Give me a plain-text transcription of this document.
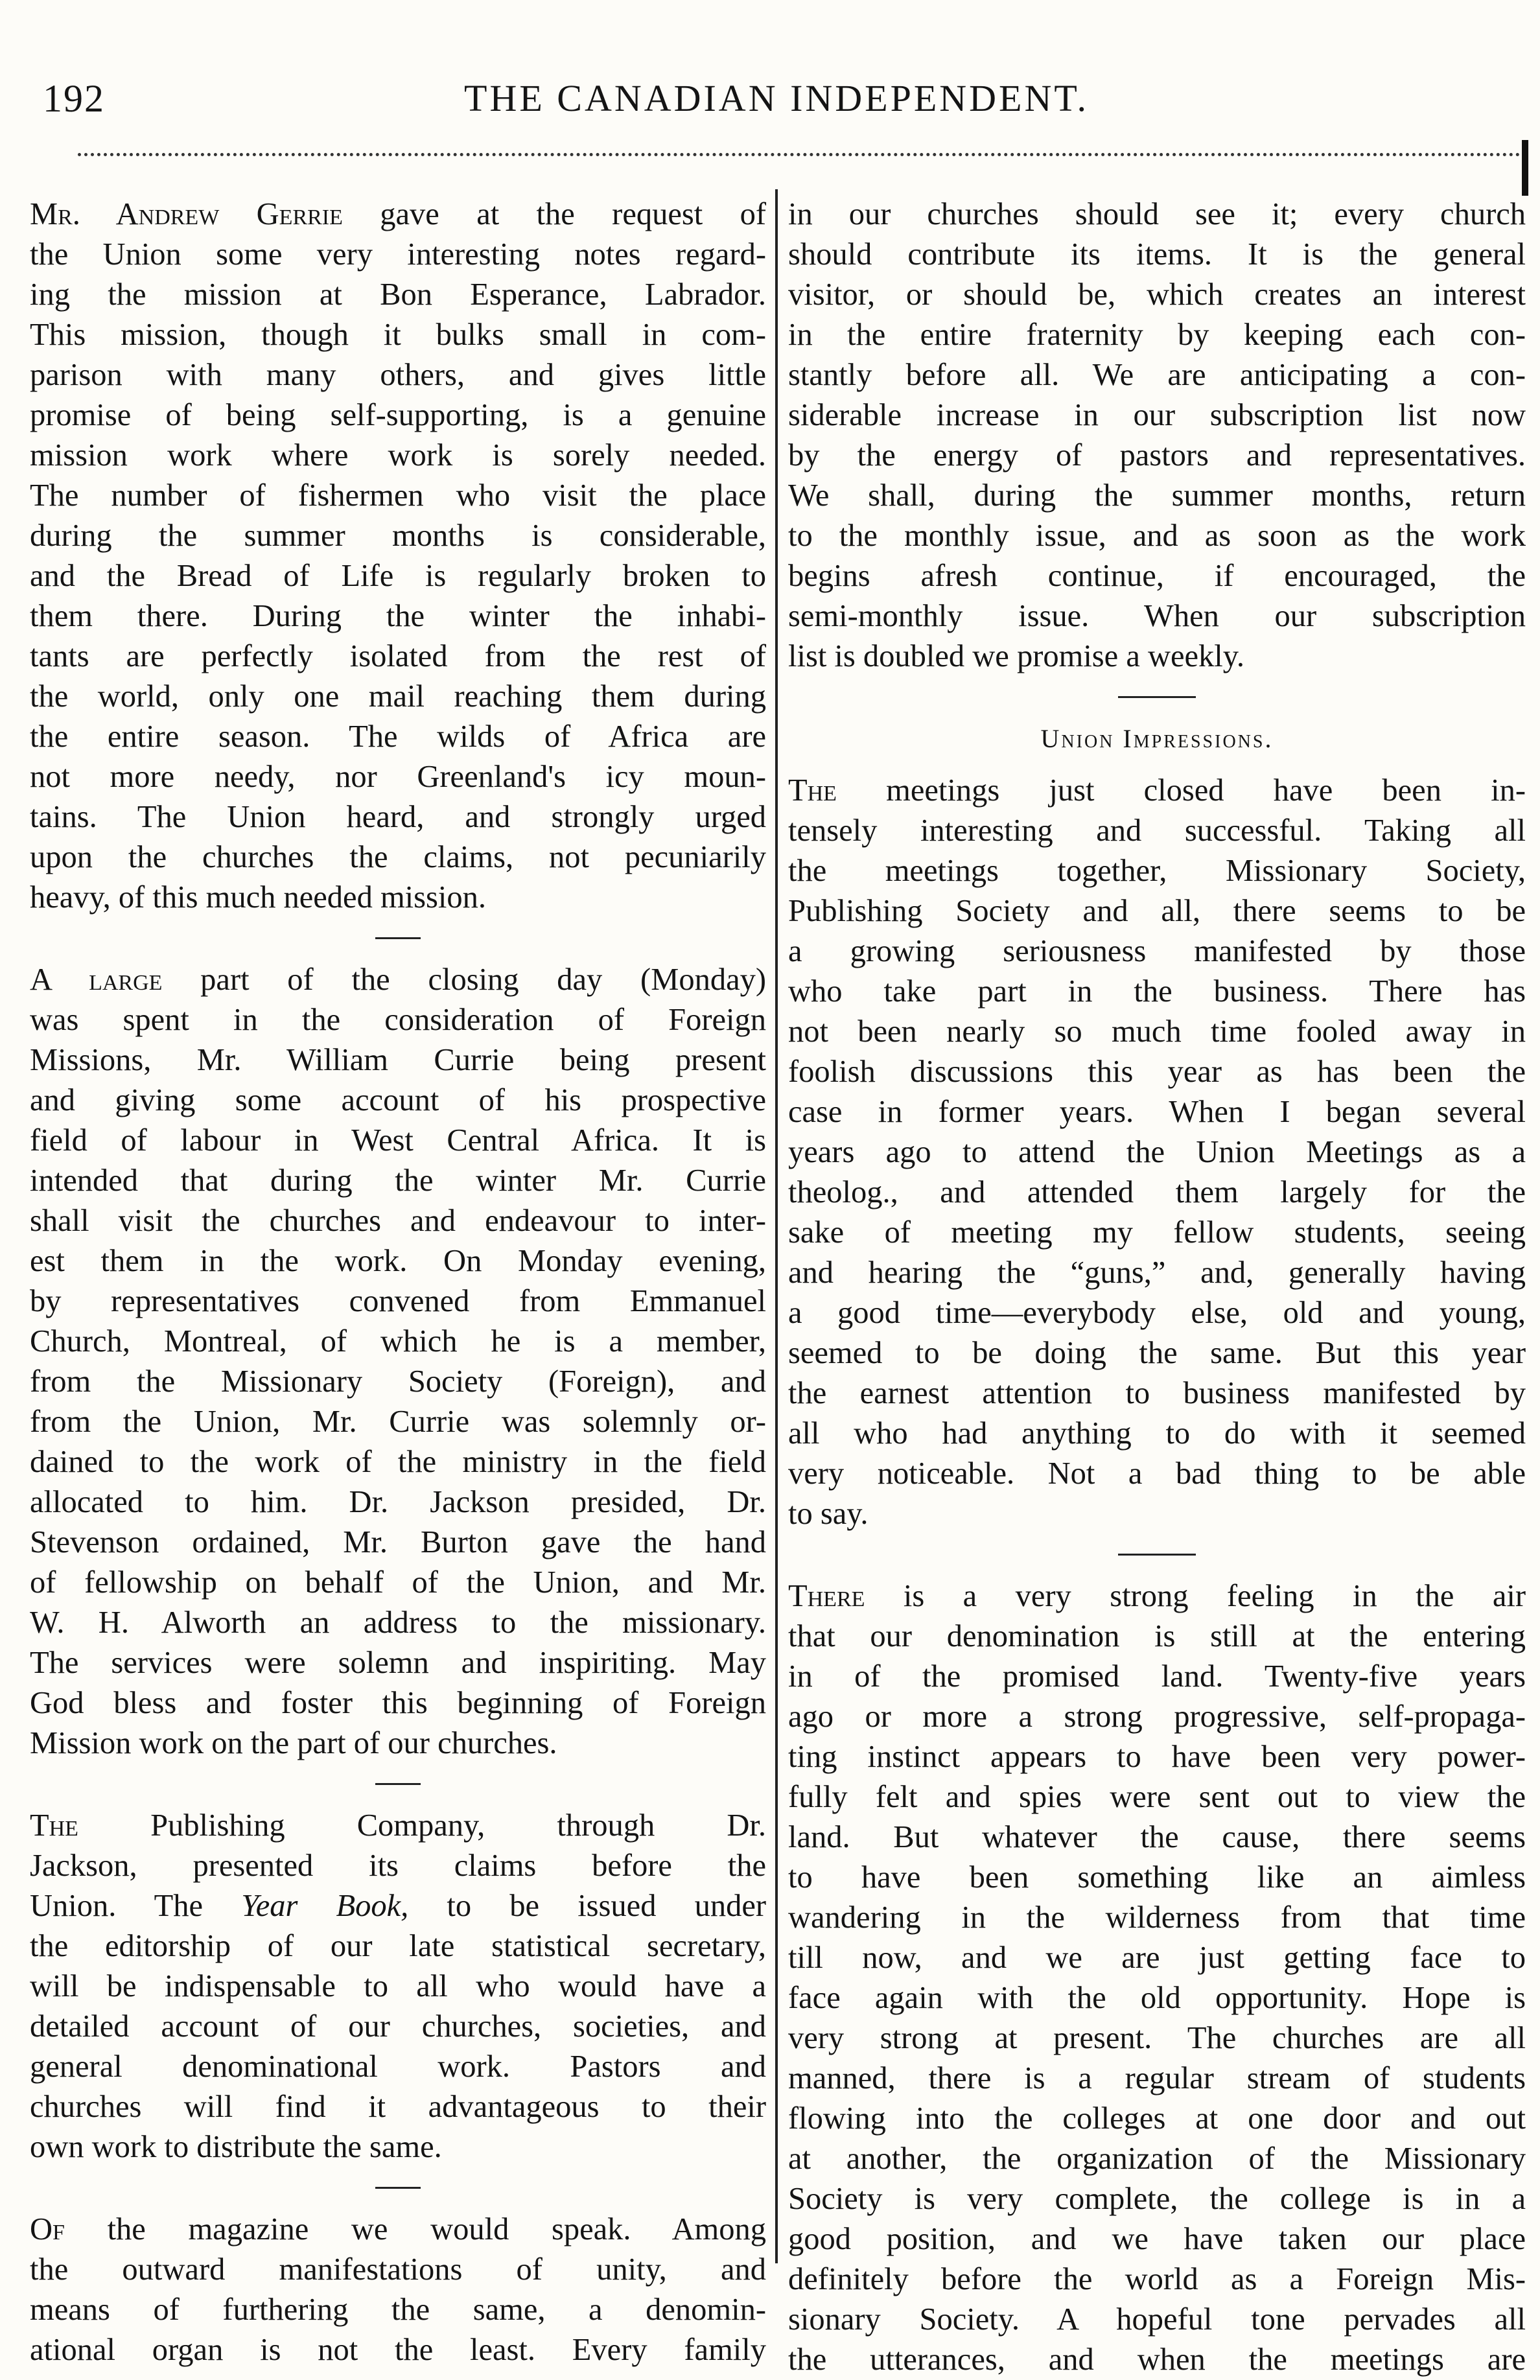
192	THE CANADIAN INDEPENDENT.
Mr. Andrew Gerrie gave at the request of
the Union some very interesting notes regard-
ing the mission at Bon Esperance, Labrador.
This mission, though it bulks small in com-
parison with many others, and gives little
promise of being self-supporting, is a genuine
mission work where work is sorely needed.
The number of fishermen who visit the place
during the summer months is considerable,
and the Bread of Life is regularly broken to
them there. During the winter the inhabi-
tants are perfectly isolated from the rest of
the world, only one mail reaching them during
the entire season. The wilds of Africa are
not more needy, nor Greenland's icy moun-
tains. The Union heard, and strongly urged
upon the churches the claims, not pecuniarily
heavy, of this much needed mission.
A large part of the closing day (Monday)
was spent in the consideration of Foreign
Missions, Mr. William Currie being present
and giving some account of his prospective
field of labour in West Central Africa. It is
intended that during the winter Mr. Currie
shall visit the churches and endeavour to inter-
est them in the work. On Monday evening,
by representatives convened from Emmanuel
Church, Montreal, of which he is a member,
from the Missionary Society (Foreign), and
from the Union, Mr. Currie was solemnly or-
dained to the work of the ministry in the field
allocated to him. Dr. Jackson presided, Dr.
Stevenson ordained, Mr. Burton gave the hand
of fellowship on behalf of the Union, and Mr.
W. H. Alworth an address to the missionary.
The services were solemn and inspiriting. May
God bless and foster this beginning of Foreign
Mission work on the part of our churches.
The Publishing Company, through Dr.
Jackson, presented its claims before the
Union. The Year Book, to be issued under
the editorship of our late statistical secretary,
will be indispensable to all who would have a
detailed account of our churches, societies, and
general denominational work. Pastors and
churches will find it advantageous to their
own work to distribute the same.
Of the magazine we would speak. Among
the outward manifestations of unity, and
means of furthering the same, a denomin-
ational organ is not the least. Every family
in our churches should see it; every church
should contribute its items. It is the general
visitor, or should be, which creates an interest
in the entire fraternity by keeping each con-
stantly before all. We are anticipating a con-
siderable increase in our subscription list now
by the energy of pastors and representatives.
We shall, during the summer months, return
to the monthly issue, and as soon as the work
begins afresh continue, if encouraged, the
semi-monthly issue. When our subscription
list is doubled we promise a weekly.
Union Impressions.
The meetings just closed have been in-
tensely interesting and successful. Taking all
the meetings together, Missionary Society,
Publishing Society and all, there seems to be
a growing seriousness manifested by those
who take part in the business. There has
not been nearly so much time fooled away in
foolish discussions this year as has been the
case in former years. When I began several
years ago to attend the Union Meetings as a
theolog., and attended them largely for the
sake of meeting my fellow students, seeing
and hearing the “guns,” and, generally having
a good time—everybody else, old and young,
seemed to be doing the same. But this year
the earnest attention to business manifested by
all who had anything to do with it seemed
very noticeable. Not a bad thing to be able
to say.
There is a very strong feeling in the air
that our denomination is still at the entering
in of the promised land. Twenty-five years
ago or more a strong progressive, self-propaga-
ting instinct appears to have been very power-
fully felt and spies were sent out to view the
land. But whatever the cause, there seems
to have been something like an aimless
wandering in the wilderness from that time
till now, and we are just getting face to
face again with the old opportunity. Hope is
very strong at present. The churches are all
manned, there is a regular stream of students
flowing into the colleges at one door and out
at another, the organization of the Missionary
Society is very complete, the college is in a
good position, and we have taken our place
definitely before the world as a Foreign Mis-
sionary Society. A hopeful tone pervades all
the utterances, and when the meetings are
